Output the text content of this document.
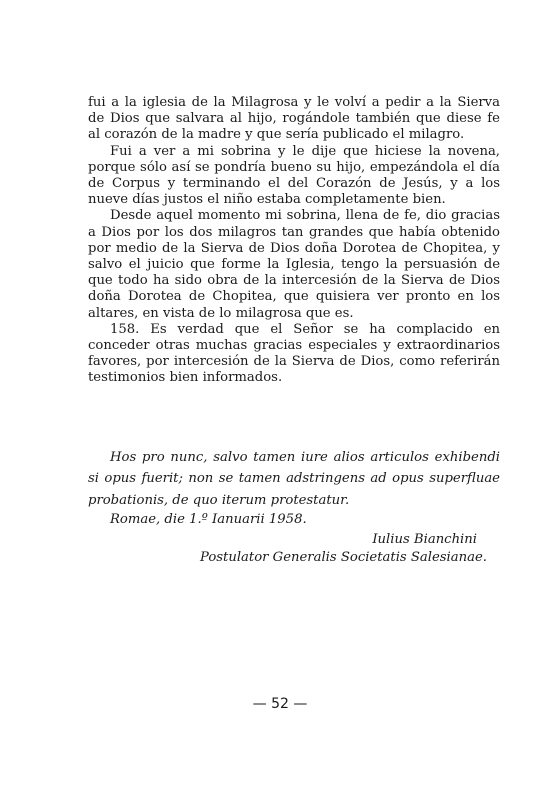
fui a la iglesia de la Milagrosa y le volví a pedir a la Sierva de Dios que salvara al hijo, rogándole también que diese fe al corazón de la madre y que sería publicado el milagro.

Fui a ver a mi sobrina y le dije que hiciese la novena, porque sólo así se pondría bueno su hijo, empezándola el día de Corpus y terminando el del Corazón de Jesús, y a los nueve días justos el niño estaba completamente bien.

Desde aquel momento mi sobrina, llena de fe, dio gracias a Dios por los dos milagros tan grandes que había obtenido por medio de la Sierva de Dios doña Dorotea de Chopitea, y salvo el juicio que forme la Iglesia, tengo la persuasión de que todo ha sido obra de la intercesión de la Sierva de Dios doña Dorotea de Chopitea, que quisiera ver pronto en los altares, en vista de lo milagrosa que es.

158. Es verdad que el Señor se ha complacido en conceder otras muchas gracias especiales y extraordinarios favores, por intercesión de la Sierva de Dios, como referirán testimonios bien informados.

Hos pro nunc, salvo tamen iure alios articulos exhibendi si opus fuerit; non se tamen adstringens ad opus superfluae probationis, de quo iterum protestatur.

Romae, die 1.º Ianuarii 1958.
Iulius Bianchini
Postulator Generalis Societatis Salesianae.
— 52 —
